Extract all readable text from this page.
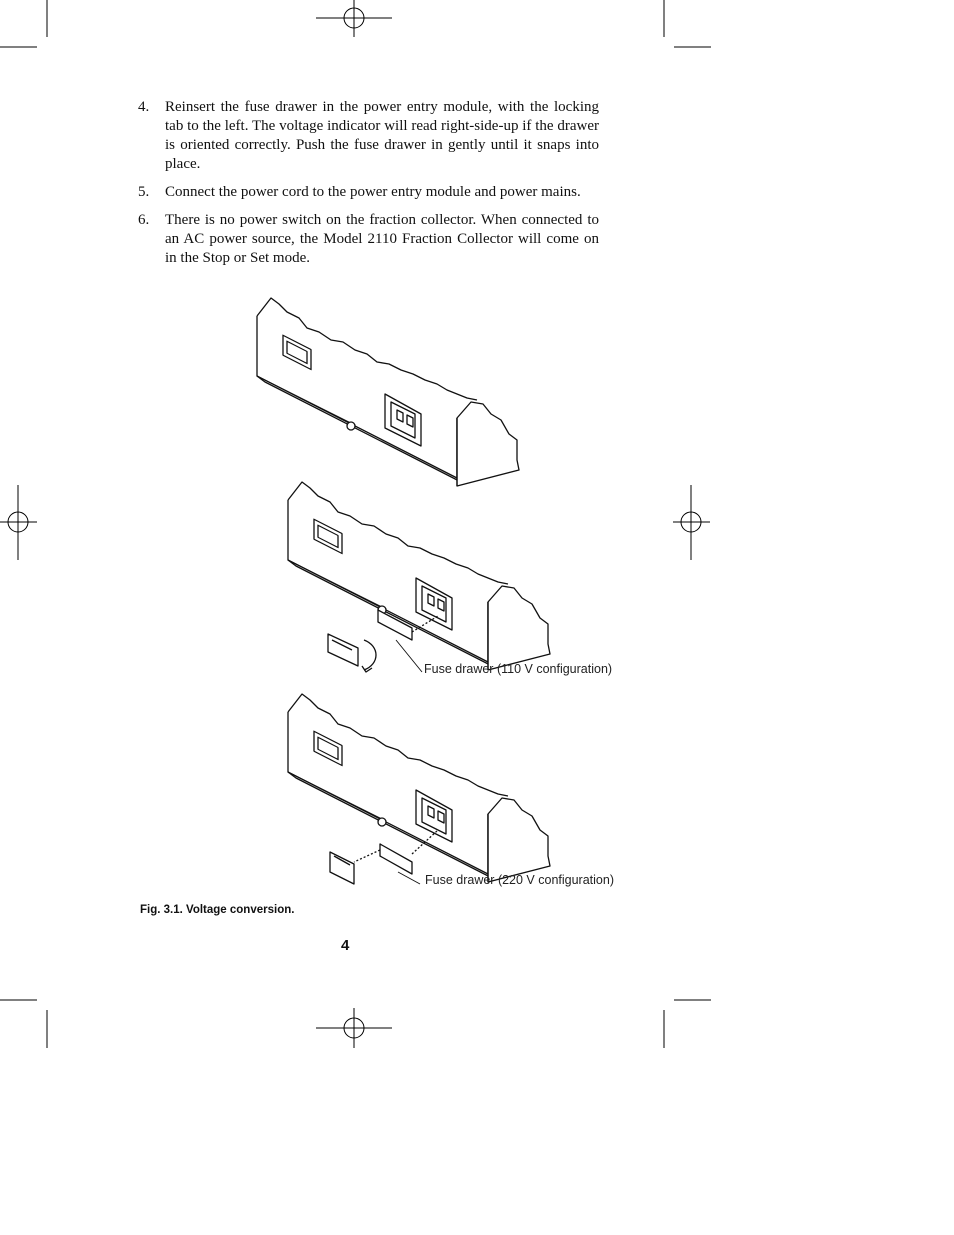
4.	Reinsert the fuse drawer in the power entry module, with the locking tab to the left. The voltage indicator will read right-side-up if the drawer is oriented correctly. Push the fuse drawer in gently until it snaps into place.
5.	Connect the power cord to the power entry module and power mains.
6.	There is no power switch on the fraction collector. When connected to an AC power source, the Model 2110 Fraction Collector will come on in the Stop or Set mode.
Fuse drawer (110 V configuration)
Fuse drawer (220 V configuration)
Fig. 3.1. Voltage conversion.
4
